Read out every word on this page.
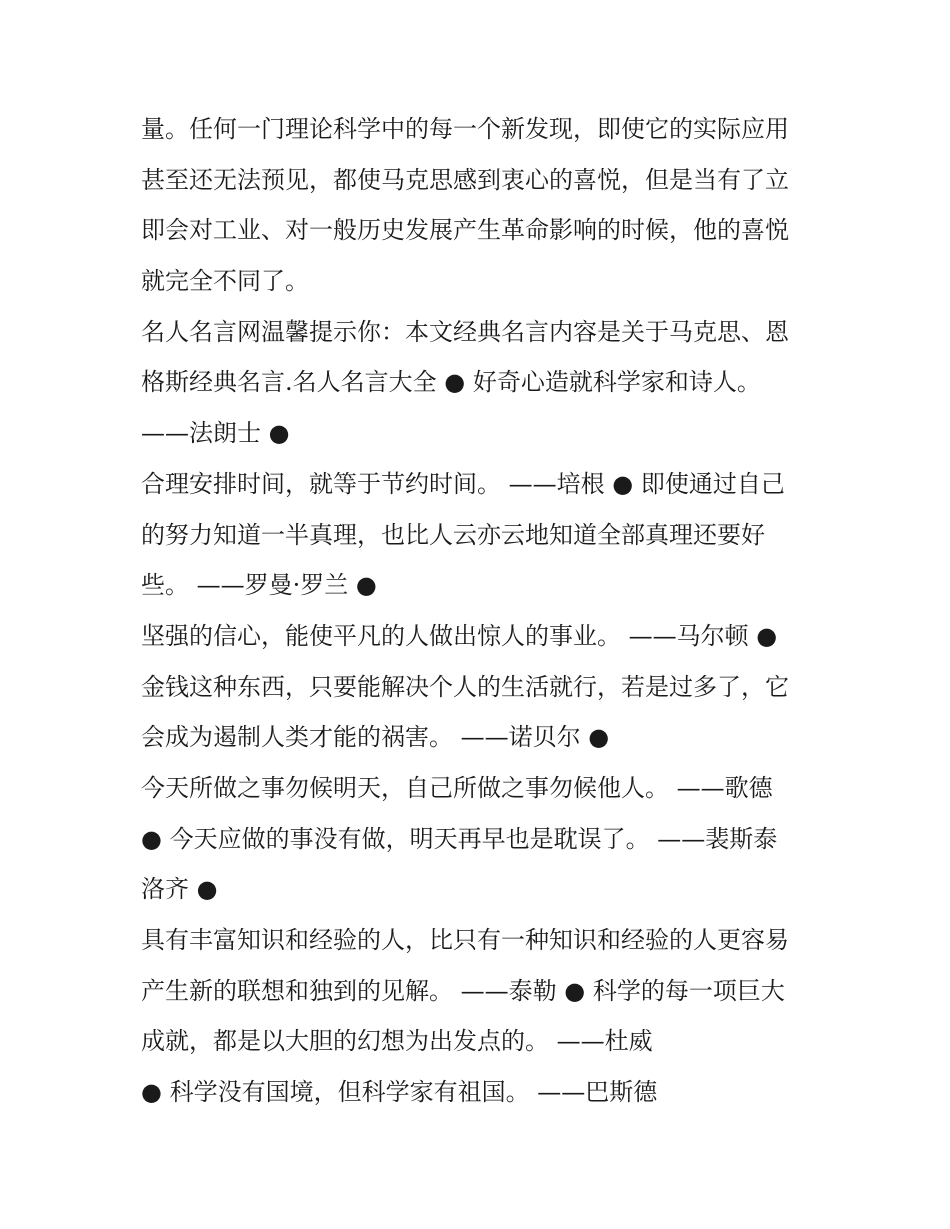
量。任何一门理论科学中的每一个新发现，即使它的实际应用
甚至还无法预见，都使马克思感到衷心的喜悦，但是当有了立
即会对工业、对一般历史发展产生革命影响的时候，他的喜悦
就完全不同了。
名人名言网温馨提示你：本文经典名言内容是关于马克思、恩
格斯经典名言.名人名言大全 ● 好奇心造就科学家和诗人。
——法朗士 ●
合理安排时间，就等于节约时间。 ——培根 ● 即使通过自己
的努力知道一半真理，也比人云亦云地知道全部真理还要好
些。 ——罗曼·罗兰 ●
坚强的信心，能使平凡的人做出惊人的事业。 ——马尔顿 ●
金钱这种东西，只要能解决个人的生活就行，若是过多了，它
会成为遏制人类才能的祸害。 ——诺贝尔 ●
今天所做之事勿候明天，自己所做之事勿候他人。 ——歌德
● 今天应做的事没有做，明天再早也是耽误了。 ——裴斯泰
洛齐 ●
具有丰富知识和经验的人，比只有一种知识和经验的人更容易
产生新的联想和独到的见解。 ——泰勒 ● 科学的每一项巨大
成就，都是以大胆的幻想为出发点的。 ——杜威
● 科学没有国境，但科学家有祖国。 ——巴斯德
